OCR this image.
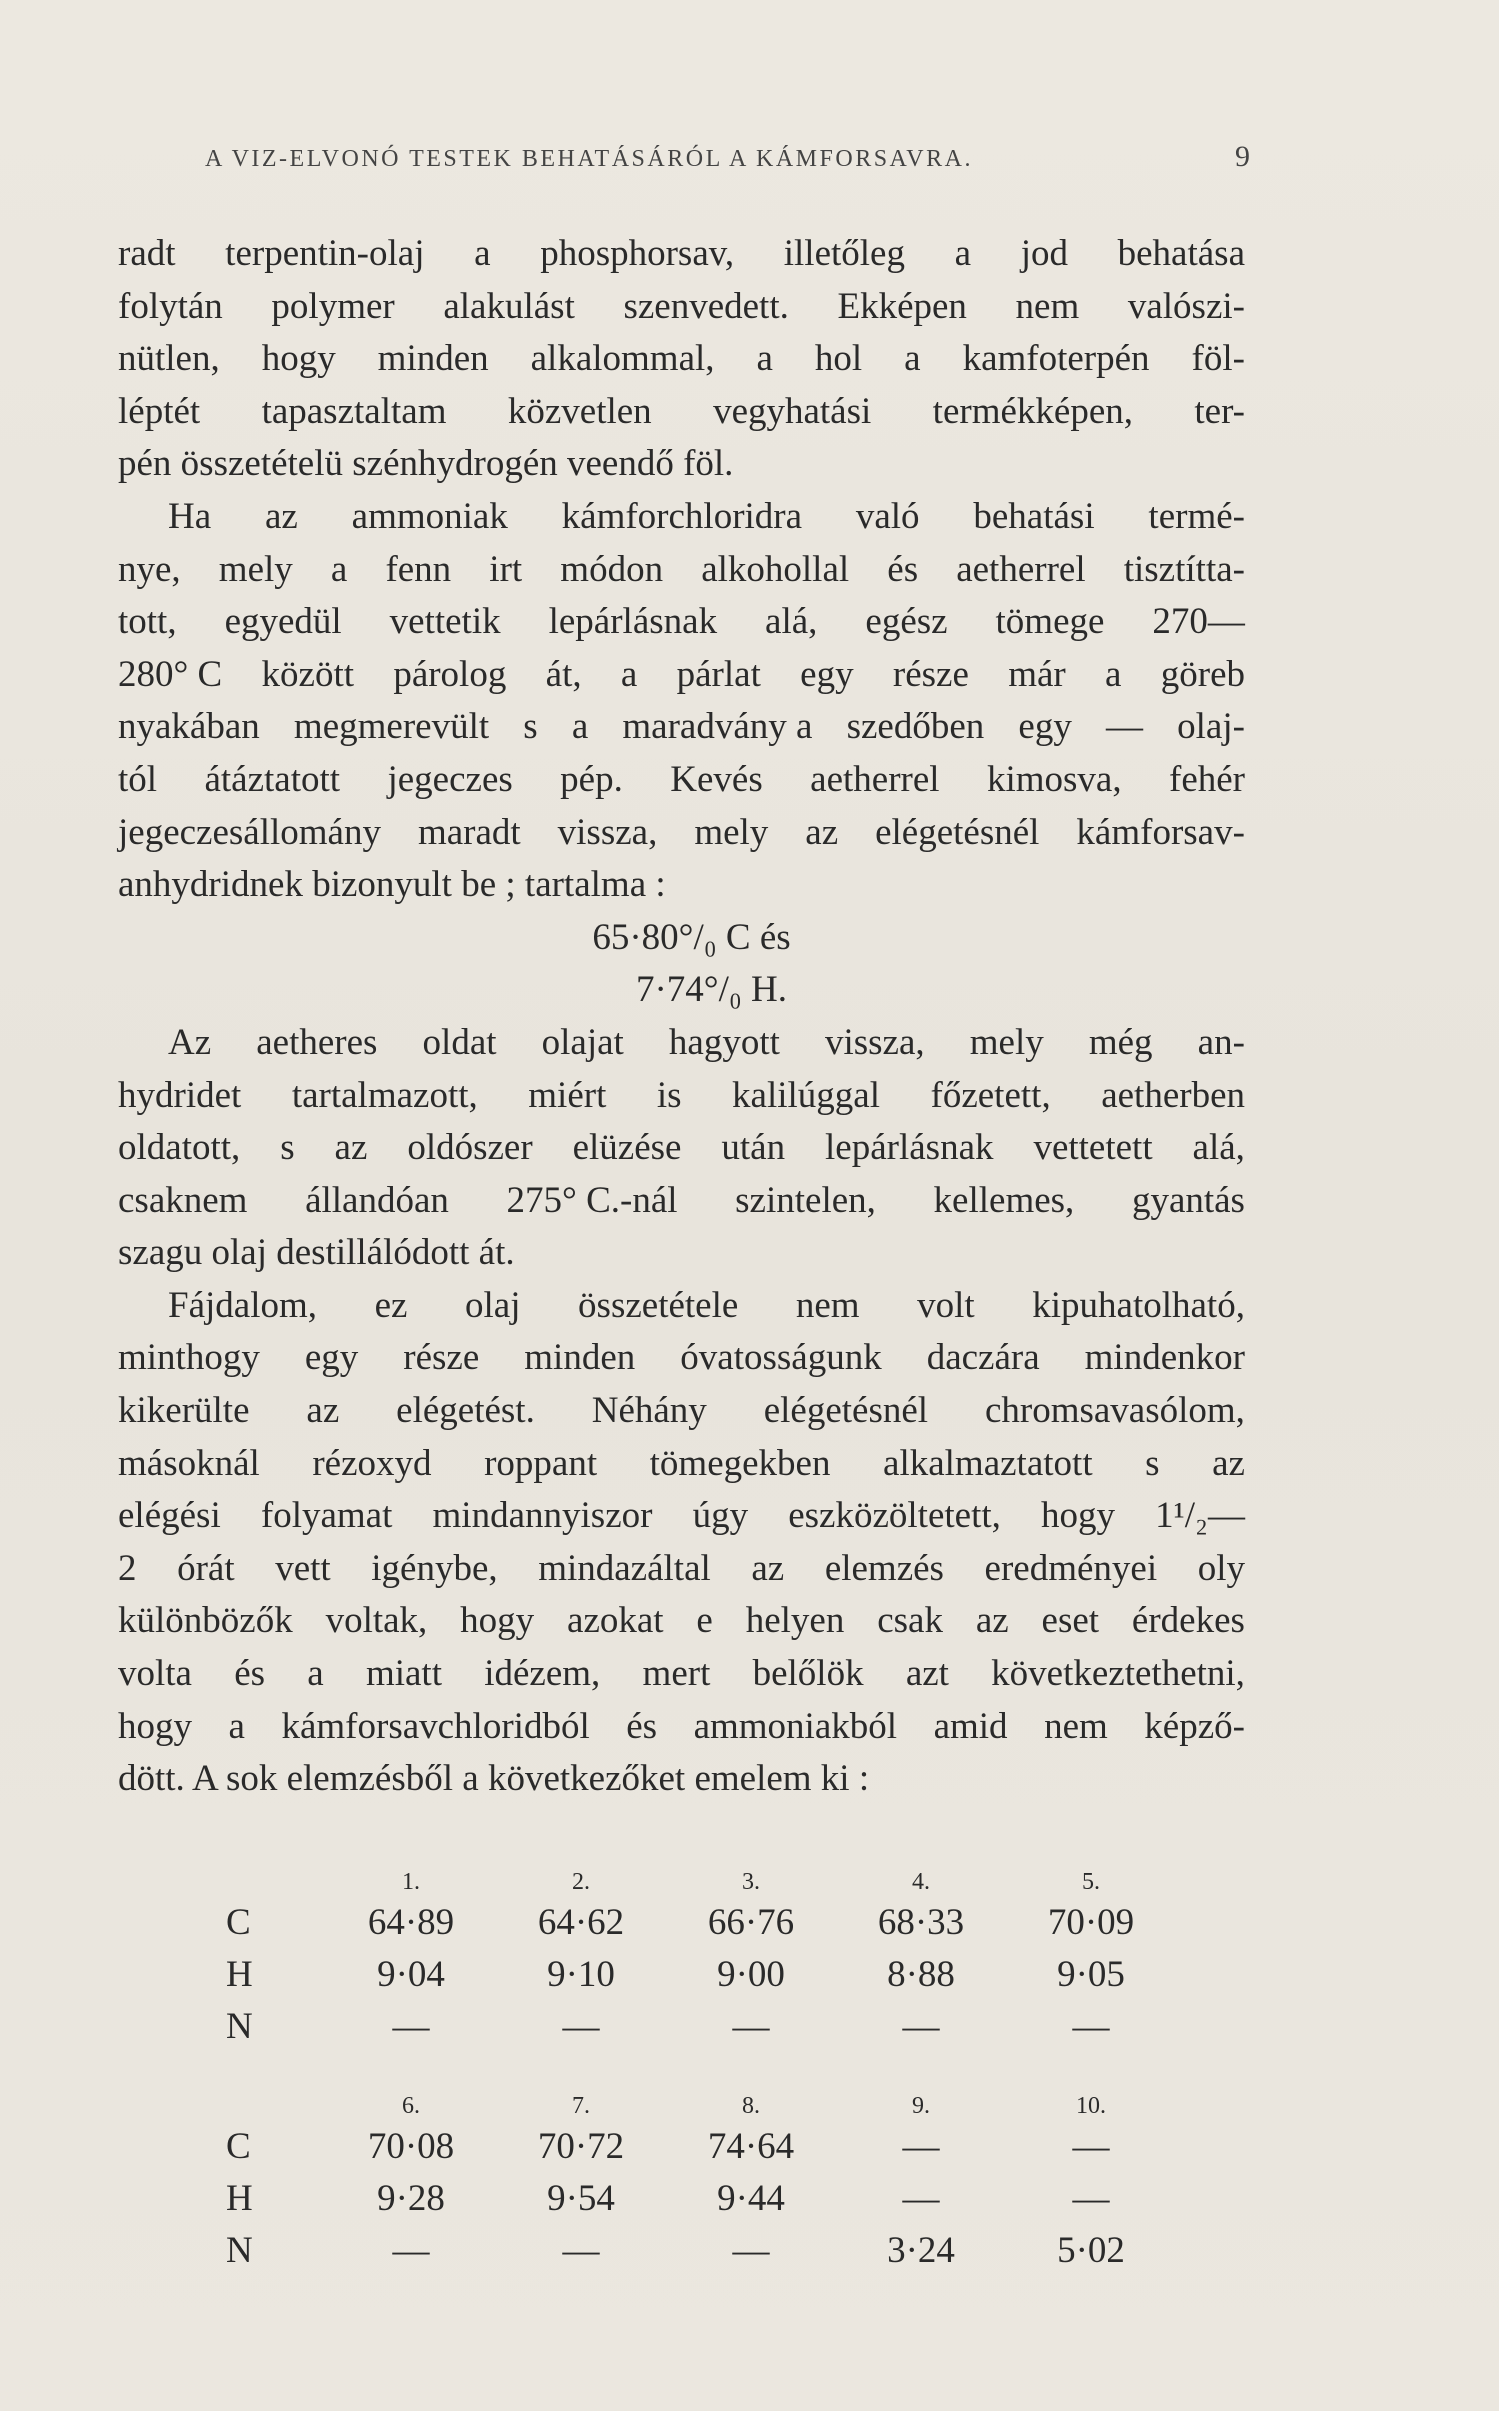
A VIZ-ELVONÓ TESTEK BEHATÁSÁRÓL A KÁMFORSAVRA.	9
radt terpentin-olaj a phosphorsav, illetőleg a jod behatása
folytán polymer alakulást szenvedett. Ekképen nem valószi-
nütlen, hogy minden alkalommal, a hol a kamfoterpén föl-
léptét tapasztaltam közvetlen vegyhatási termékképen, ter-
pén összetételü szénhydrogén veendő föl.
Ha az ammoniak kámforchloridra való behatási termé-
nye, mely a fenn irt módon alkohollal és aetherrel tisztítta-
tott, egyedül vettetik lepárlásnak alá, egész tömege 270—
280° C között párolog át, a párlat egy része már a göreb
nyakában megmerevült s a maradvány a szedőben egy — olaj-
tól átáztatott jegeczes pép. Kevés aetherrel kimosva, fehér
jegeczesállomány maradt vissza, mely az elégetésnél kámforsav-
anhydridnek bizonyult be ; tartalma :
65·80°/₀ C és
7·74°/₀ H.
Az aetheres oldat olajat hagyott vissza, mely még an-
hydridet tartalmazott, miért is kalilúggal főzetett, aetherben
oldatott, s az oldószer elüzése után lepárlásnak vettetett alá,
csaknem állandóan 275° C.-nál szintelen, kellemes, gyantás
szagu olaj destillálódott át.
Fájdalom, ez olaj összetétele nem volt kipuhatolható,
minthogy egy része minden óvatosságunk daczára mindenkor
kikerülte az elégetést. Néhány elégetésnél chromsavasólom,
másoknál rézoxyd roppant tömegekben alkalmaztatott s az
elégési folyamat mindannyiszor úgy eszközöltetett, hogy 1¹/₂—
2 órát vett igénybe, mindazáltal az elemzés eredményei oly
különbözők voltak, hogy azokat e helyen csak az eset érdekes
volta és a miatt idézem, mert belőlök azt következtethetni,
hogy a kámforsavchloridból és ammoniakból amid nem képző-
dött. A sok elemzésből a következőket emelem ki :
	1.	2.	3.	4.	5.
C	64·89	64·62	66·76	68·33	70·09
H	9·04	9·10	9·00	8·88	9·05
N	—	—	—	—	—
	6.	7.	8.	9.	10.
C	70·08	70·72	74·64	—	—
H	9·28	9·54	9·44	—	—
N	—	—	—	3·24	5·02
